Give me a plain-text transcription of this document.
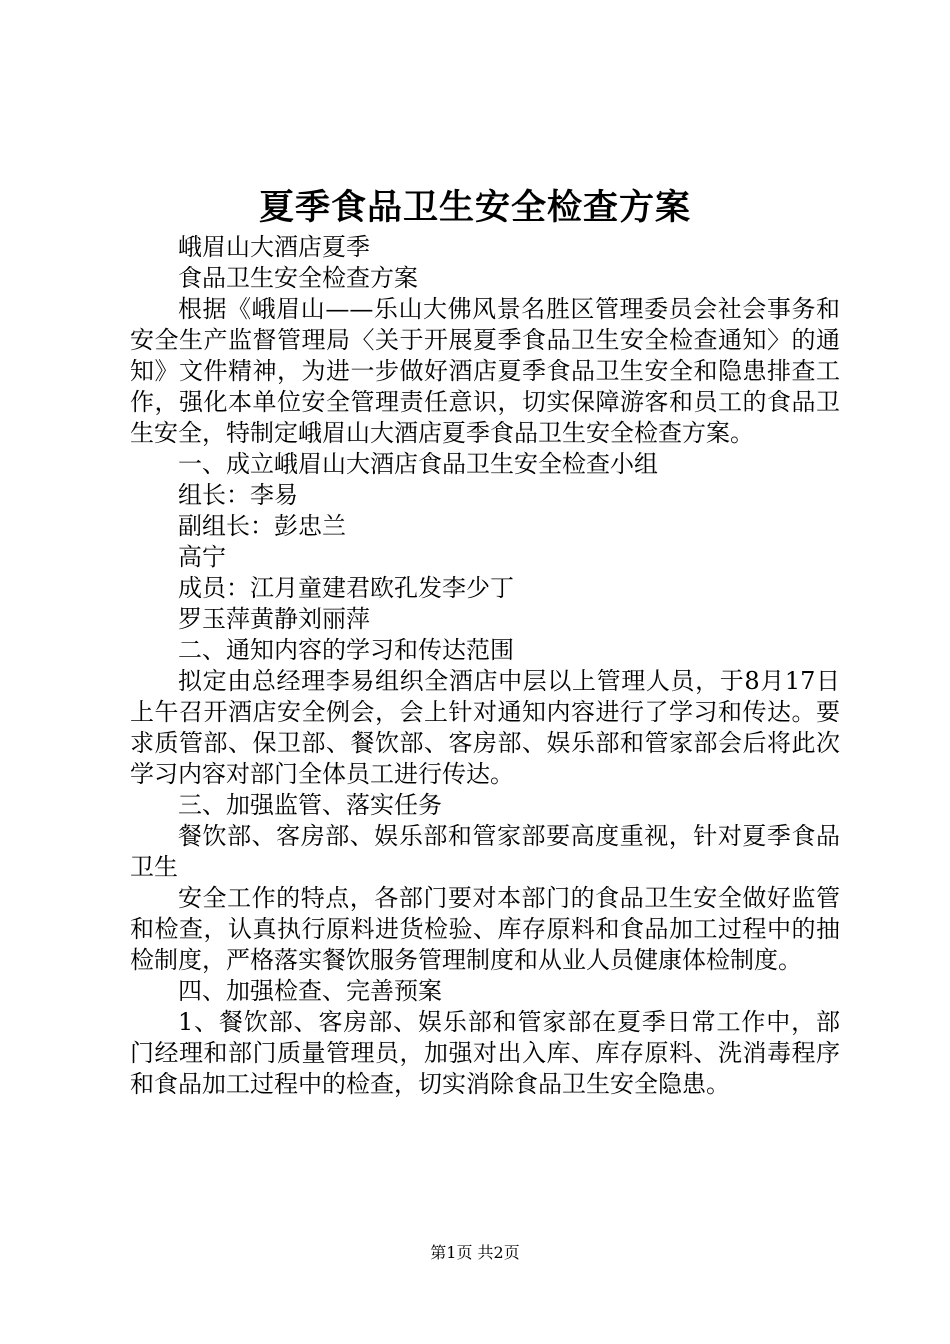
夏季食品卫生安全检查方案

峨眉山大酒店夏季

食品卫生安全检查方案

根据《峨眉山——乐山大佛风景名胜区管理委员会社会事务和安全生产监督管理局〈关于开展夏季食品卫生安全检查通知〉的通知》文件精神，为进一步做好酒店夏季食品卫生安全和隐患排查工作，强化本单位安全管理责任意识，切实保障游客和员工的食品卫生安全，特制定峨眉山大酒店夏季食品卫生安全检查方案。

一、成立峨眉山大酒店食品卫生安全检查小组

组长：李易

副组长：彭忠兰

高宁

成员：江月童建君欧孔发李少丁

罗玉萍黄静刘丽萍

二、通知内容的学习和传达范围

拟定由总经理李易组织全酒店中层以上管理人员，于8月17日上午召开酒店安全例会，会上针对通知内容进行了学习和传达。要求质管部、保卫部、餐饮部、客房部、娱乐部和管家部会后将此次学习内容对部门全体员工进行传达。

三、加强监管、落实任务

餐饮部、客房部、娱乐部和管家部要高度重视，针对夏季食品卫生

安全工作的特点，各部门要对本部门的食品卫生安全做好监管和检查，认真执行原料进货检验、库存原料和食品加工过程中的抽检制度，严格落实餐饮服务管理制度和从业人员健康体检制度。

四、加强检查、完善预案

1、餐饮部、客房部、娱乐部和管家部在夏季日常工作中，部门经理和部门质量管理员，加强对出入库、库存原料、洗消毒程序和食品加工过程中的检查，切实消除食品卫生安全隐患。

第1页 共2页
